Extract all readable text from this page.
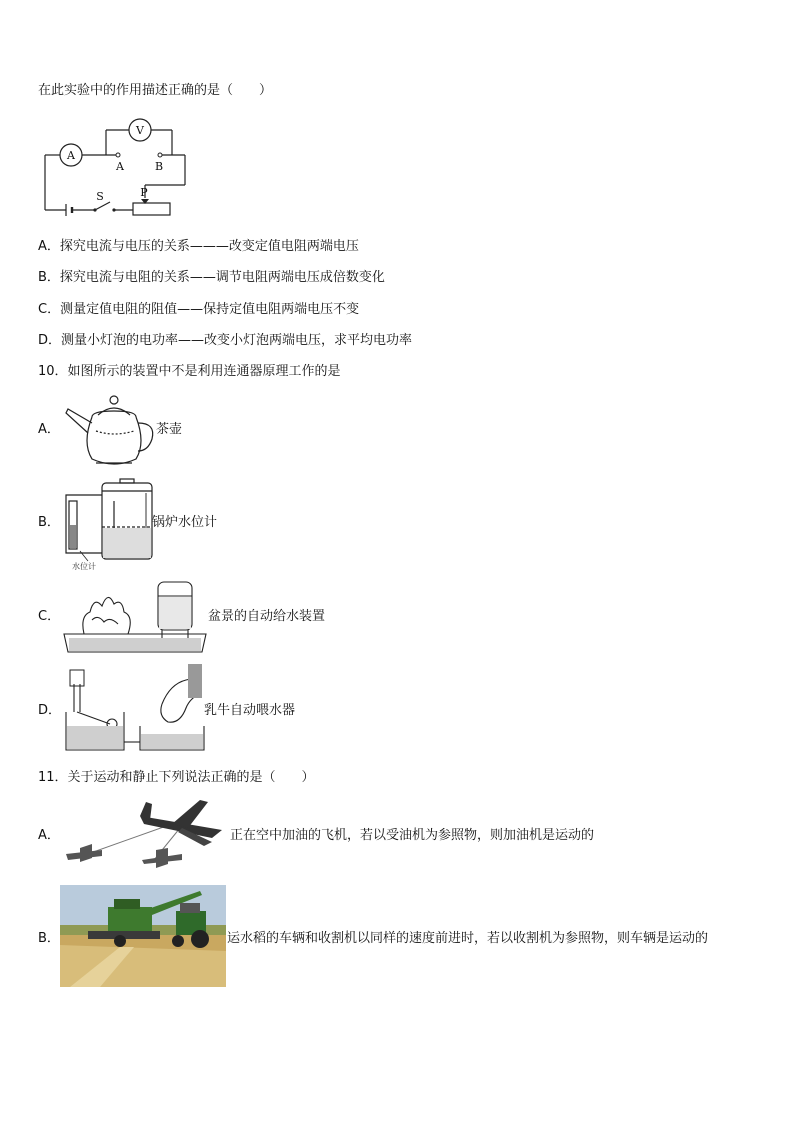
在此实验中的作用描述正确的是（　　）
A
V
A	B
S	P
A．探究电流与电压的关系———改变定值电阻两端电压
B．探究电流与电阻的关系——调节电阻两端电压成倍数变化
C．测量定值电阻的阻值——保持定值电阻两端电压不变
D．测量小灯泡的电功率——改变小灯泡两端电压，求平均电功率
10．如图所示的装置中不是利用连通器原理工作的是
A．	茶壶
B．
水位计
锅炉水位计
C．	盆景的自动给水装置
D．	乳牛自动喂水器
11．关于运动和静止下列说法正确的是（　　）
A．	正在空中加油的飞机，若以受油机为参照物，则加油机是运动的
B．	运水稻的车辆和收割机以同样的速度前进时，若以收割机为参照物，则车辆是运动的
